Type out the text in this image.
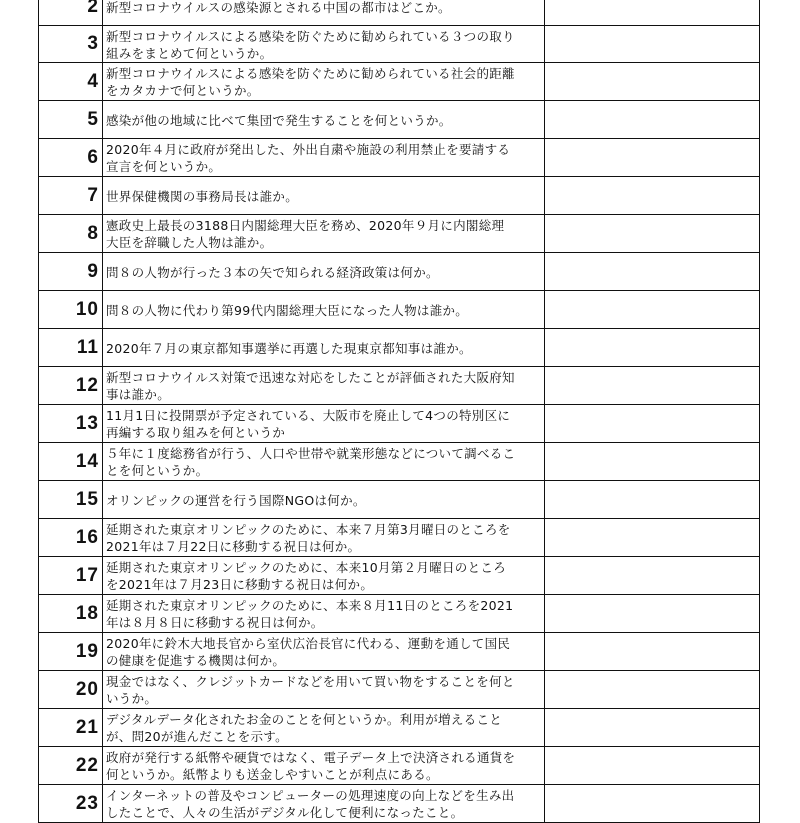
2	新型コロナウイルスの感染源とされる中国の都市はどこか。	

3	新型コロナウイルスによる感染を防ぐために勧められている３つの取り
組みをまとめて何というか。	

4	新型コロナウイルスによる感染を防ぐために勧められている社会的距離
をカタカナで何というか。	

5	感染が他の地域に比べて集団で発生することを何というか。	

6	2020年４月に政府が発出した、外出自粛や施設の利用禁止を要請する
宣言を何というか。	

7	世界保健機関の事務局長は誰か。	

8	憲政史上最長の3188日内閣総理大臣を務め、2020年９月に内閣総理
大臣を辞職した人物は誰か。	

9	問８の人物が行った３本の矢で知られる経済政策は何か。	

10	問８の人物に代わり第99代内閣総理大臣になった人物は誰か。	

11	2020年７月の東京都知事選挙に再選した現東京都知事は誰か。	

12	新型コロナウイルス対策で迅速な対応をしたことが評価された大阪府知
事は誰か。	

13	11月1日に投開票が予定されている、大阪市を廃止して4つの特別区に
再編する取り組みを何というか	

14	５年に１度総務省が行う、人口や世帯や就業形態などについて調べるこ
とを何というか。	

15	オリンピックの運営を行う国際NGOは何か。	

16	延期された東京オリンピックのために、本来７月第3月曜日のところを
2021年は７月22日に移動する祝日は何か。	

17	延期された東京オリンピックのために、本来10月第２月曜日のところ
を2021年は７月23日に移動する祝日は何か。	

18	延期された東京オリンピックのために、本来８月11日のところを2021
年は８月８日に移動する祝日は何か。	

19	2020年に鈴木大地長官から室伏広治長官に代わる、運動を通して国民
の健康を促進する機関は何か。	

20	現金ではなく、クレジットカードなどを用いて買い物をすることを何と
いうか。	

21	デジタルデータ化されたお金のことを何というか。利用が増えること
が、問20が進んだことを示す。	

22	政府が発行する紙幣や硬貨ではなく、電子データ上で決済される通貨を
何というか。紙幣よりも送金しやすいことが利点にある。	

23	インターネットの普及やコンピューターの処理速度の向上などを生み出
したことで、人々の生活がデジタル化して便利になったこと。	
